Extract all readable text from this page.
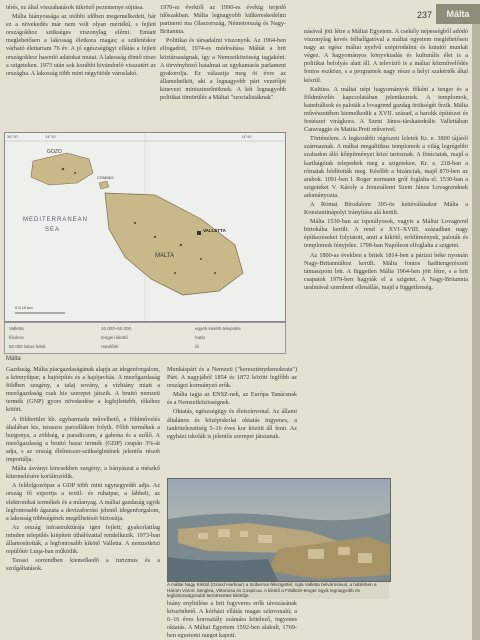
237	Málta

térés, ez által visszahatások tükröző pezemenye sújtása.

Málta hiányossága az utóbbi időben megemelkedett, bár ez a növekedés már nem volt olyan mértékű, s fejlett országokhoz szükséges viszonylag elérni. Emiatt meglehetősen a lakosság életkora magas; a születéskor várható élettartam 76 év. A jó egészségügyi ellátás a fejlett országokhoz hasonló adatokat mutat. A lakosság döntő része a szigeteken. 1973 után sok korábbi kivándorló visszatért az országba. A lakosság több mint négyötöde városlakó.

1970-es évektől az 1990-es évekig terjedő időszakban. Málta legnagyobb külkereskedelmi partnerei ma Olaszország, Németország és Nagy-Britannia.

Politikai és társadalmi viszonyok. Az 1964-ben elfogadott, 1974-es módosítása Máltát a brit köztársaságnak, így a Nemzetközösség tagjaként. A törvényhozó hatalmat az egykamarás parlament gyakorolja. Ez választja meg öt évre az államelnököt, aki a legnagyobb párt vezetőjét kinevezi miniszterelnöknek. A két legnagyobb politikai tömörülés a Máltai "szocialistáknak"

násával jött létre a Máltai Egyetem. A csekély népességből adódó viszonylag kevés felhallgatóval a máltai egyetem meglehetősen nagy az egész máltai nyelvű szépirodalmi és kutatói munkát végez. A hagyományos könyvkiadás és kulturális élet is a politikai befolyás alatt áll. A televízió is a máltai közművelődés fontos eszköze, s a programok nagy része a helyi szakértők által készül.

Kultúra. A máltai népi hagyományok főként a tenger és a földművelés kapcsolatában jelentkeznek. A templomok, katedrálisok és paloták a lovagrend gazdag örökségét őrzik. Málta művészetében kiemelkedik a XVII. század, a barokk építészet és festészet virágkora. A Szent János-társkatedrális Vallettában Caravaggio és Mattia Preti műveivel.

Történelem. A legkorábbi régészeti leletek Kr. e. 3800 tájáról származnak. A máltai megalitikus templomok a világ legrégebbi szabadon álló kőépítményei közé tartoznak. A föníciaiak, majd a karthágóiak telepedtek meg a szigeteken. Kr. e. 218-ban a rómaiak hódították meg. Később a bizánciak, majd 870-ben az arabok. 1091-ben I. Roger normann gróf foglalta el. 1530-ban a szigeteket V. Károly a Jeruzsálemi Szent János Lovagrendnek adományozta.

A Római Birodalom 395-ös kettéválásakor Málta a Konstantinápolyi irányítása alá került.

Málta 1530-ban az ispotályosok, vagyis a Máltai Lovagrend birtokába került. A rend a XVI–XVIII. században nagy építkezéseket folytatott, amit a kikötő, erődítmények, paloták és templomok fényjelez. 1798-ban Napóleon elfoglalta a szigetet.

Az 1800-as években a britek 1814-ben a párizsi béke nyomán Nagy-Britanniához került. Málta fontos haditengerészeti támaszpont lett. A független Málta 1964-ben jött létre, s a brit csapatok 1979-ben hagyták el a szigetet. A Nagy-Britannia uralmával szembeni ellenállás, majd a függetlenség.

GOZO
COMINO
MALTA
VALLETTA
MEDITERRANEAN
SEA
36°10'	14°10'	14°40'
0 5 10 km
Valletta
főváros
50 000 lakos felett
10 000–50 000
tengeri kikötő
repülőtér
egyéb kisebb település
határ
út
Málta

Gazdaság. Málta piacgazdaságának alapja az idegenforgalom, a könnyűipar, a hajóépítés és a hajójavítás. A mezőgazdaság földben szegény, a talaj sovány, a vízhiány miatt a mezőgazdaság csak kis szerepet játszik. A bruttó nemzeti termék (GNP) gyors növekedése a legfejlettebb, tőkéhez kötött.

A földterület kb. egyharmada művelhető, a földművelés általában kis, teraszos parcellákon folyik. Főbb termékek a burgonya, a zöldség, a paradicsom, a gabona és a szőlő. A mezőgazdaság a bruttó hazai termék (GDP) csupán 3%-át adja, s az ország élelmiszer-szükségletének jelentős részét importálja.

Málta ásványi kincsekben szegény; a bányászat a mészkő kitermelésére korlátozódik.

A feldolgozóipar a GDP több mint egynegyedét adja. Az ország fő exportja a textil- és ruhaipar, a lábbeli, az elektronikai termékek és a műanyag. A máltai gazdaság egyik legfontosabb ágazata a devizaforrást jelentő idegenforgalom, a lakosság többségének megélhetését biztosítja.

Az ország infrastruktúrája igen fejlett; gyakorlatilag minden település kiépített úthálózattal rendelkezik. 1973-ban államosították, a legfontosabb kikötő Valletta. A nemzetközi repülőtér Luqa-ban működik.

Tavasi sorrendben kiemelkedő a turizmus és a szolgáltatások.

Munkáspárt és a Nemzeti ("kereszténydemokrata") Párt. A nagyjából 1854 és 1872 között legfőbb az országot kormányzó erők.

Málta tagja az ENSZ-nek, az Európa Tanácsnak és a Nemzetközösségnek.

Oktatás, egészségügy és életszínvonal. Az állami általános és középiskolai oktatás ingyenes, a tankötelezettség 5–16 éves kor között áll fenn. Az egyházi iskolák is jelentős szerepet játszanak.

A máltai Nagy Kikötő (Grand Harbour) a Sciberras-félszigettel, rajta Valletta belvárosával, a háttérben a Három Város: Senglea, Vittoriosa és Cospicua. A kikötő a Földközi-tenger egyik legnagyobb és legbiztonságosabb természetes kikötője.

hiány enyhülése a brit fegyveres erők távozásának köszönhető. A kórházi ellátás magas színvonalú; a 6–16 éves korosztály számára kötelező, ingyenes oktatás. A Máltai Egyetem 1592-ben alakult, 1769-ben egyetemi rangot kapott.
